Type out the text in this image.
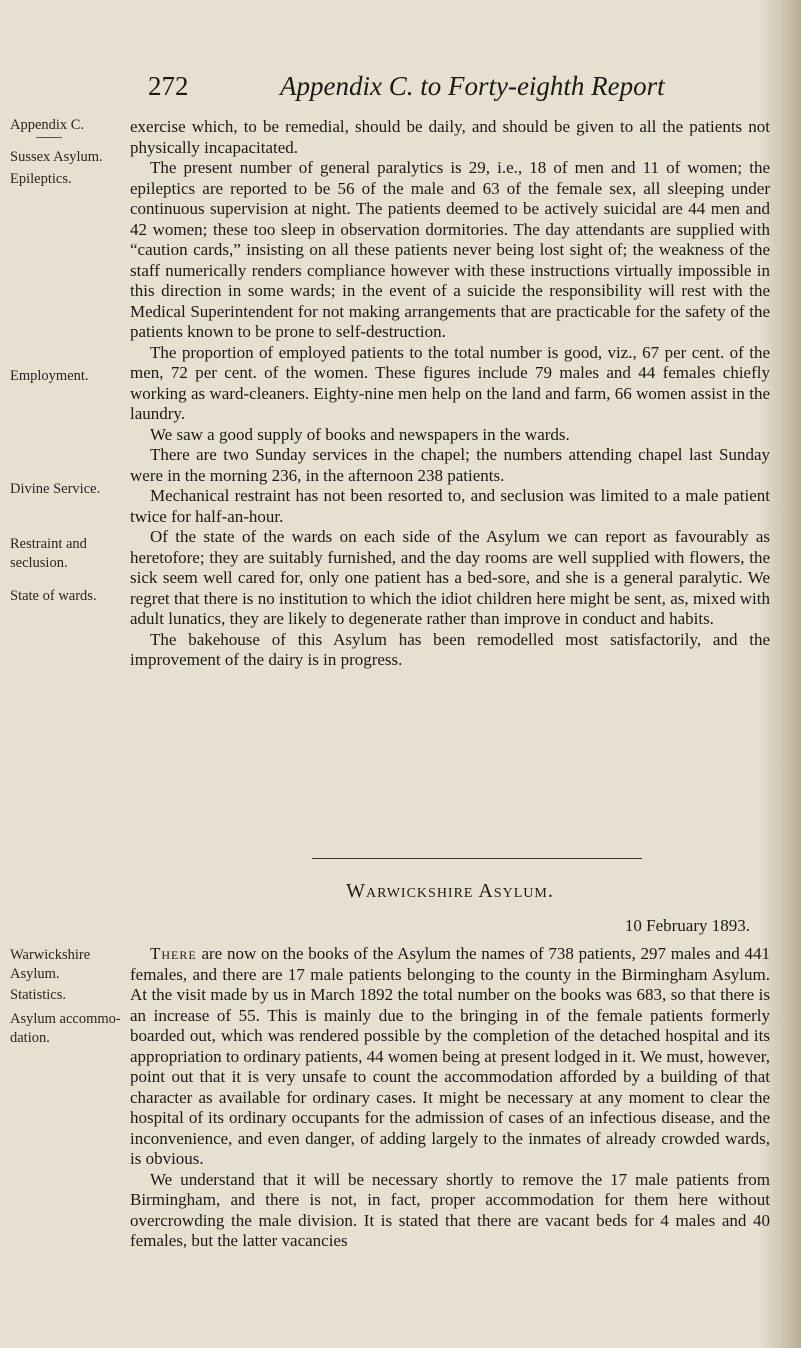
272	Appendix C. to Forty-eighth Report
Appendix C.
Sussex Asylum.
Epileptics.
Employment.
Divine Service.
Restraint and seclusion.
State of wards.
Warwickshire Asylum.
Statistics.
Asylum accommo-dation.

exercise which, to be remedial, should be daily, and should be given to all the patients not physically incapacitated.

The present number of general paralytics is 29, i.e., 18 of men and 11 of women; the epileptics are reported to be 56 of the male and 63 of the female sex, all sleeping under continuous supervision at night. The patients deemed to be actively suicidal are 44 men and 42 women; these too sleep in observation dormitories. The day attendants are supplied with “caution cards,” insisting on all these patients never being lost sight of; the weakness of the staff numerically renders compliance however with these instructions virtually impossible in this direction in some wards; in the event of a suicide the responsibility will rest with the Medical Superintendent for not making arrangements that are practicable for the safety of the patients known to be prone to self-destruction.

The proportion of employed patients to the total number is good, viz., 67 per cent. of the men, 72 per cent. of the women. These figures include 79 males and 44 females chiefly working as ward-cleaners. Eighty-nine men help on the land and farm, 66 women assist in the laundry.

We saw a good supply of books and newspapers in the wards.

There are two Sunday services in the chapel; the numbers attending chapel last Sunday were in the morning 236, in the afternoon 238 patients.

Mechanical restraint has not been resorted to, and seclusion was limited to a male patient twice for half-an-hour.

Of the state of the wards on each side of the Asylum we can report as favourably as heretofore; they are suitably furnished, and the day rooms are well supplied with flowers, the sick seem well cared for, only one patient has a bed-sore, and she is a general paralytic. We regret that there is no institution to which the idiot children here might be sent, as, mixed with adult lunatics, they are likely to degenerate rather than improve in conduct and habits.

The bakehouse of this Asylum has been remodelled most satisfactorily, and the improvement of the dairy is in progress.

Warwickshire Asylum.
10 February 1893.

There are now on the books of the Asylum the names of 738 patients, 297 males and 441 females, and there are 17 male patients belonging to the county in the Birmingham Asylum. At the visit made by us in March 1892 the total number on the books was 683, so that there is an increase of 55. This is mainly due to the bringing in of the female patients formerly boarded out, which was rendered possible by the completion of the detached hospital and its appropriation to ordinary patients, 44 women being at present lodged in it. We must, however, point out that it is very unsafe to count the accommodation afforded by a building of that character as available for ordinary cases. It might be necessary at any moment to clear the hospital of its ordinary occupants for the admission of cases of an infectious disease, and the inconvenience, and even danger, of adding largely to the inmates of already crowded wards, is obvious.

We understand that it will be necessary shortly to remove the 17 male patients from Birmingham, and there is not, in fact, proper accommodation for them here without overcrowding the male division. It is stated that there are vacant beds for 4 males and 40 females, but the latter vacancies
